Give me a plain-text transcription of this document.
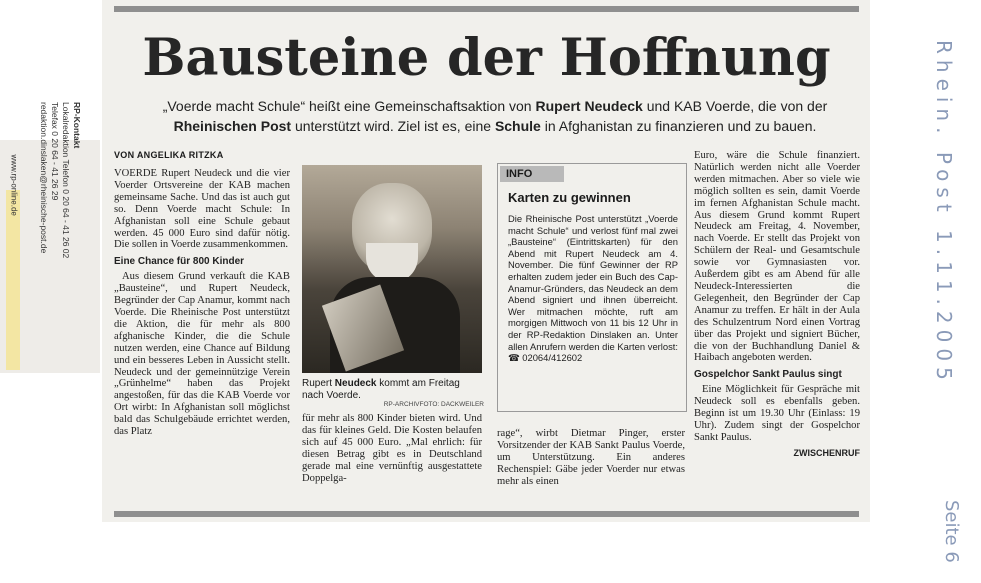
Bausteine der Hoffnung
„Voerde macht Schule“ heißt eine Gemeinschaftsaktion von Rupert Neudeck und KAB Voerde, die von der
Rheinischen Post unterstützt wird. Ziel ist es, eine Schule in Afghanistan zu finanzieren und zu bauen.
VON ANGELIKA RITZKA

VOERDE Rupert Neudeck und die vier Voerder Ortsvereine der KAB machen gemeinsame Sache. Und das ist auch gut so. Denn Voerde macht Schule: In Afghanistan soll eine Schule gebaut werden. 45 000 Euro sind dafür nötig. Die sollen in Voerde zusammenkommen.

Eine Chance für 800 Kinder

Aus diesem Grund verkauft die KAB „Bausteine“, und Rupert Neudeck, Begründer der Cap Anamur, kommt nach Voerde. Die Rheinische Post unterstützt die Aktion, die für mehr als 800 afghanische Kinder, die die Schule nutzen werden, eine Chance auf Bildung und ein besseres Leben in Aussicht stellt. Neudeck und der gemeinnützige Verein „Grünhelme“ haben das Projekt angestoßen, für das die KAB Voerde vor Ort wirbt: In Afghanistan soll möglichst bald das Schulgebäude errichtet werden, das Platz

Rupert Neudeck kommt am Freitag nach Voerde.
RP-ARCHIVFOTO: DACKWEILER

für mehr als 800 Kinder bieten wird. Und das für kleines Geld. Die Kosten belaufen sich auf 45 000 Euro. „Mal ehrlich: für diesen Betrag gibt es in Deutschland gerade mal eine vernünftig ausgestattete Doppelga-

INFO
Karten zu gewinnen
Die Rheinische Post unterstützt „Voerde macht Schule“ und verlost fünf mal zwei „Bausteine“ (Eintrittskarten) für den Abend mit Rupert Neudeck am 4. November. Die fünf Gewinner der RP erhalten zudem jeder ein Buch des Cap-Anamur-Gründers, das Neudeck an dem Abend signiert und ihnen überreicht. Wer mitmachen möchte, ruft am morgigen Mittwoch von 11 bis 12 Uhr in der RP-Redaktion Dinslaken an. Unter allen Anrufern werden die Karten verlost: ☎ 02064/412602

rage“, wirbt Dietmar Pinger, erster Vorsitzender der KAB Sankt Paulus Voerde, um Unterstützung. Ein anderes Rechenspiel: Gäbe jeder Voerder nur etwas mehr als einen

Euro, wäre die Schule finanziert. Natürlich werden nicht alle Voerder werden mitmachen. Aber so viele wie möglich sollten es sein, damit Voerde im fernen Afghanistan Schule macht. Aus diesem Grund kommt Rupert Neudeck am Freitag, 4. November, nach Voerde. Er stellt das Projekt von Schülern der Real- und Gesamtschule sowie vor Gymnasiasten vor. Außerdem gibt es am Abend für alle Neudeck-Interessierten die Gelegenheit, den Begründer der Cap Anamur zu treffen. Er hält in der Aula des Schulzentrum Nord einen Vortrag über das Projekt und signiert Bücher, die von der Buchhandlung Daniel & Haibach angeboten werden.

Gospelchor Sankt Paulus singt

Eine Möglichkeit für Gespräche mit Neudeck soll es ebenfalls geben. Beginn ist um 19.30 Uhr (Einlass: 19 Uhr). Zudem singt der Gospelchor Sankt Paulus.

ZWISCHENRUF
RP-Kontakt
Lokalredaktion Telefon 0 20 64 - 41 26 02
Telefax 0 20 64 - 41 26 29
redaktion.dinslaken@rheinische-post.de
www.rp-online.de	Rhein. Post 1.11.2005
Seite 6
